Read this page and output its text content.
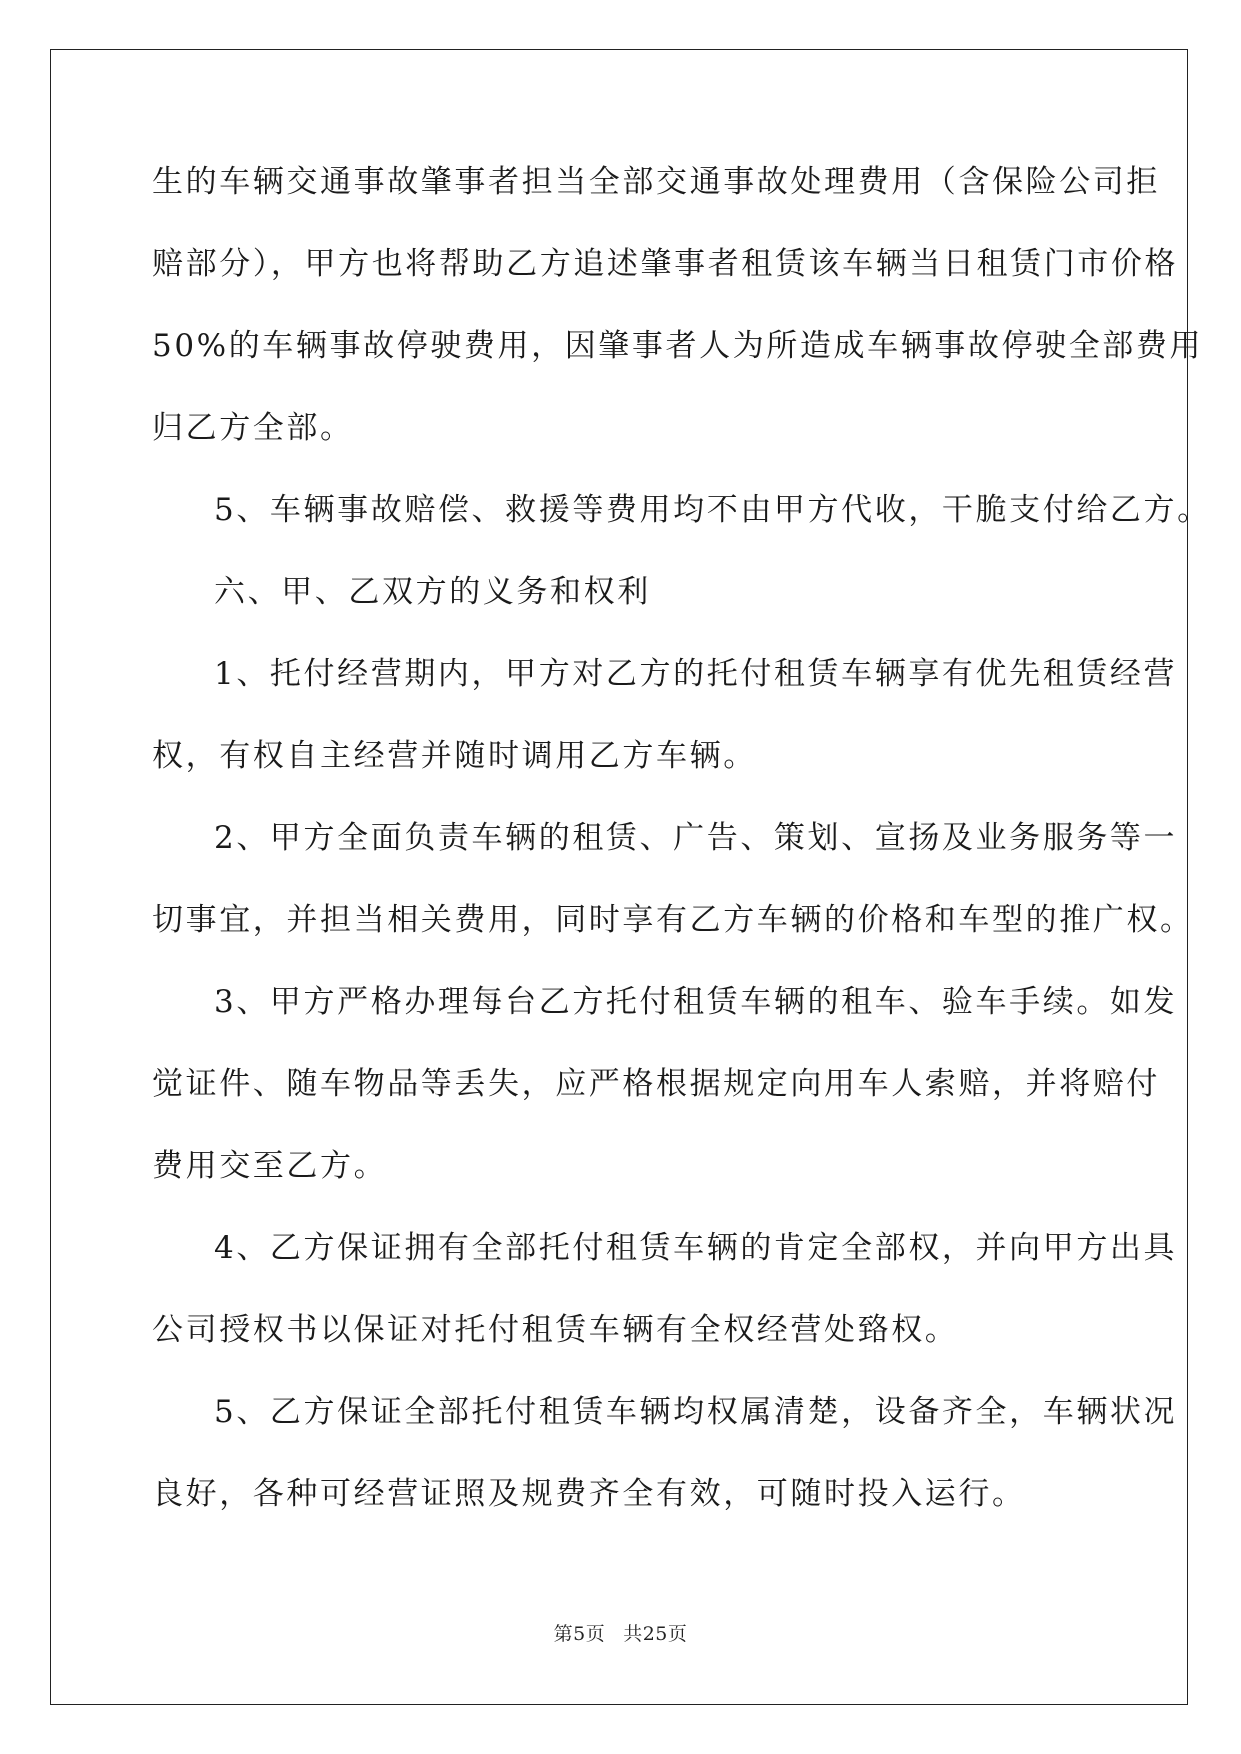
生的车辆交通事故肇事者担当全部交通事故处理费用（含保险公司拒
赔部分），甲方也将帮助乙方追述肇事者租赁该车辆当日租赁门市价格
50%的车辆事故停驶费用，因肇事者人为所造成车辆事故停驶全部费用
归乙方全部。
5、车辆事故赔偿、救援等费用均不由甲方代收，干脆支付给乙方。
六、甲、乙双方的义务和权利
1、托付经营期内，甲方对乙方的托付租赁车辆享有优先租赁经营
权，有权自主经营并随时调用乙方车辆。
2、甲方全面负责车辆的租赁、广告、策划、宣扬及业务服务等一
切事宜，并担当相关费用，同时享有乙方车辆的价格和车型的推广权。
3、甲方严格办理每台乙方托付租赁车辆的租车、验车手续。如发
觉证件、随车物品等丢失，应严格根据规定向用车人索赔，并将赔付
费用交至乙方。
4、乙方保证拥有全部托付租赁车辆的肯定全部权，并向甲方出具
公司授权书以保证对托付租赁车辆有全权经营处臵权。
5、乙方保证全部托付租赁车辆均权属清楚，设备齐全，车辆状况
良好，各种可经营证照及规费齐全有效，可随时投入运行。
第5页 共25页
